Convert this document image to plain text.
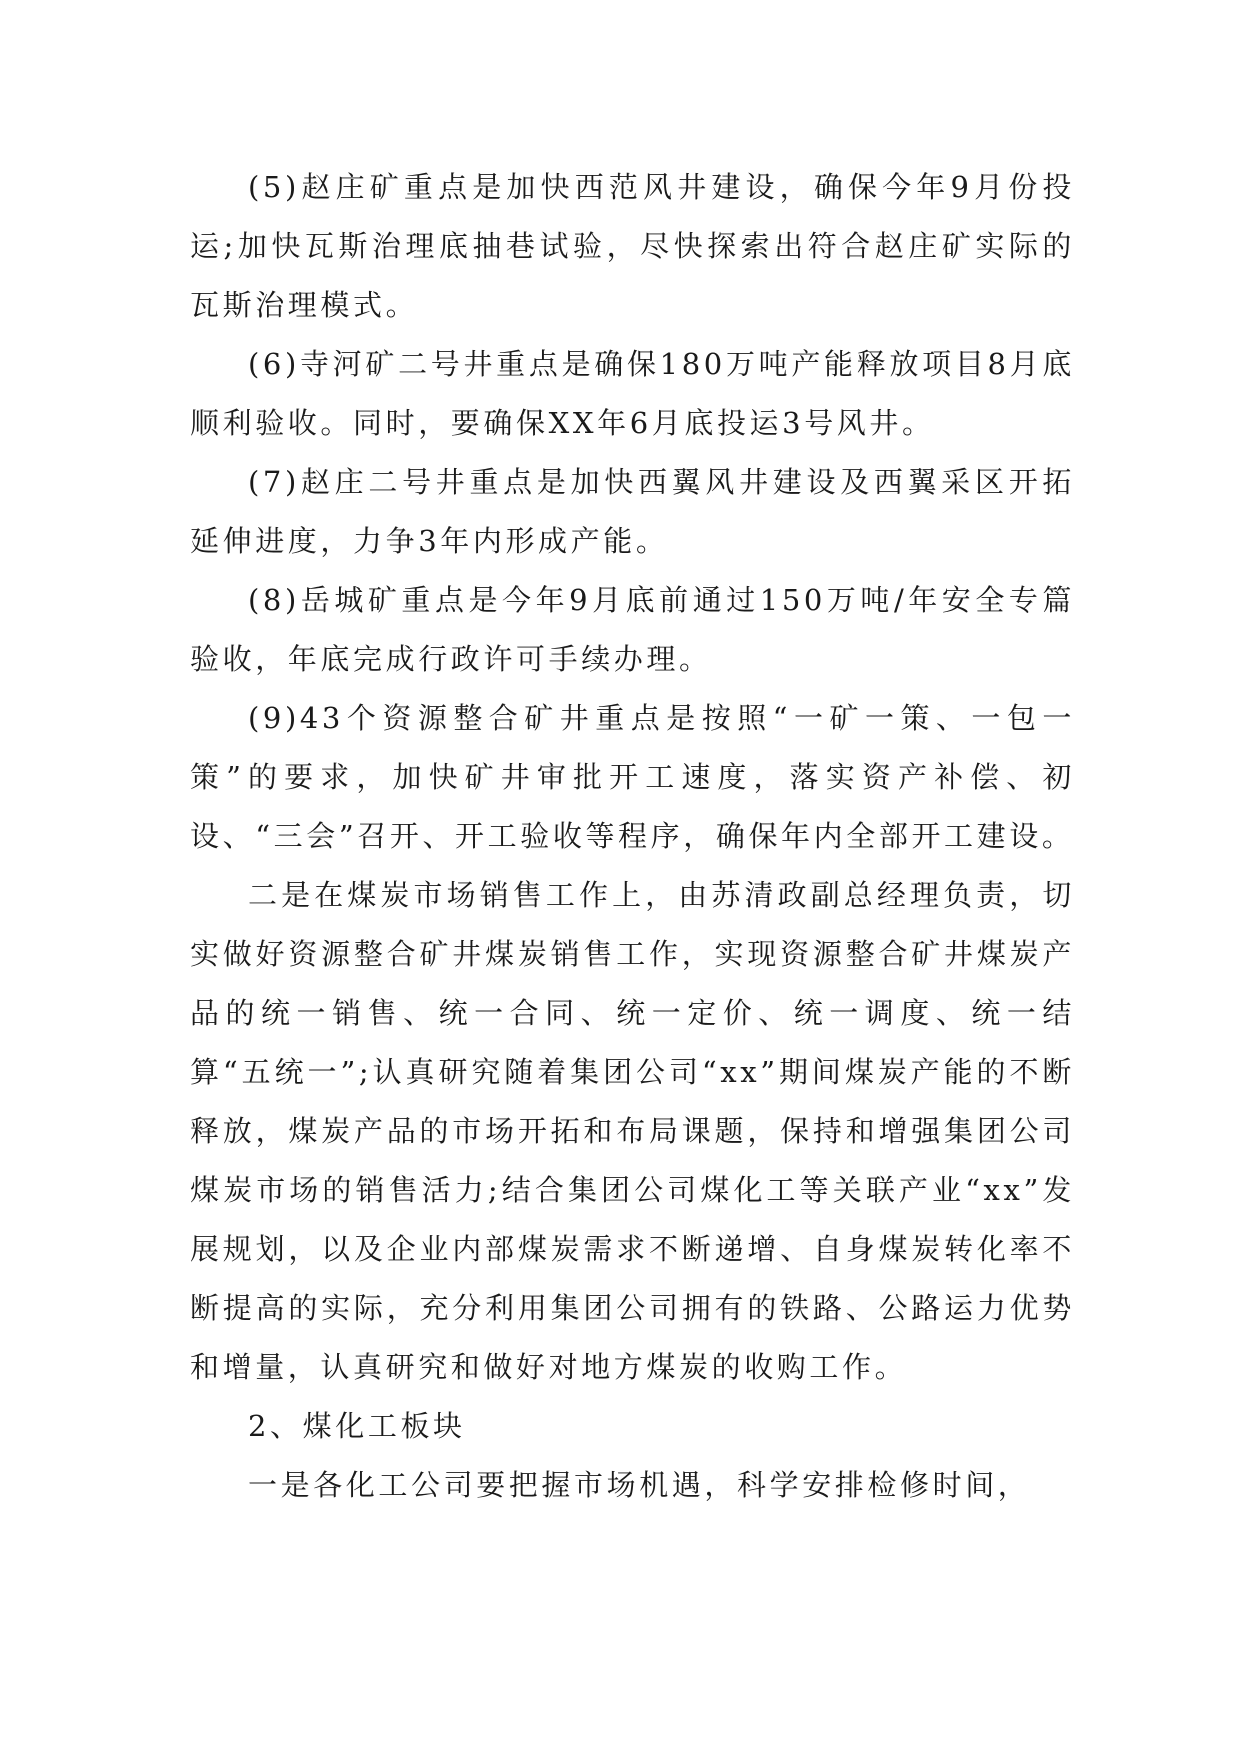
(5)赵庄矿重点是加快西范风井建设，确保今年9月份投运;加快瓦斯治理底抽巷试验，尽快探索出符合赵庄矿实际的瓦斯治理模式。

(6)寺河矿二号井重点是确保180万吨产能释放项目8月底顺利验收。同时，要确保XX年6月底投运3号风井。

(7)赵庄二号井重点是加快西翼风井建设及西翼采区开拓延伸进度，力争3年内形成产能。

(8)岳城矿重点是今年9月底前通过150万吨/年安全专篇验收，年底完成行政许可手续办理。

(9)43个资源整合矿井重点是按照“一矿一策、一包一策”的要求，加快矿井审批开工速度，落实资产补偿、初设、“三会”召开、开工验收等程序，确保年内全部开工建设。

二是在煤炭市场销售工作上，由苏清政副总经理负责，切实做好资源整合矿井煤炭销售工作，实现资源整合矿井煤炭产品的统一销售、统一合同、统一定价、统一调度、统一结算“五统一”;认真研究随着集团公司“xx”期间煤炭产能的不断释放，煤炭产品的市场开拓和布局课题，保持和增强集团公司煤炭市场的销售活力;结合集团公司煤化工等关联产业“xx”发展规划，以及企业内部煤炭需求不断递增、自身煤炭转化率不断提高的实际，充分利用集团公司拥有的铁路、公路运力优势和增量，认真研究和做好对地方煤炭的收购工作。

2、煤化工板块

一是各化工公司要把握市场机遇，科学安排检修时间，
